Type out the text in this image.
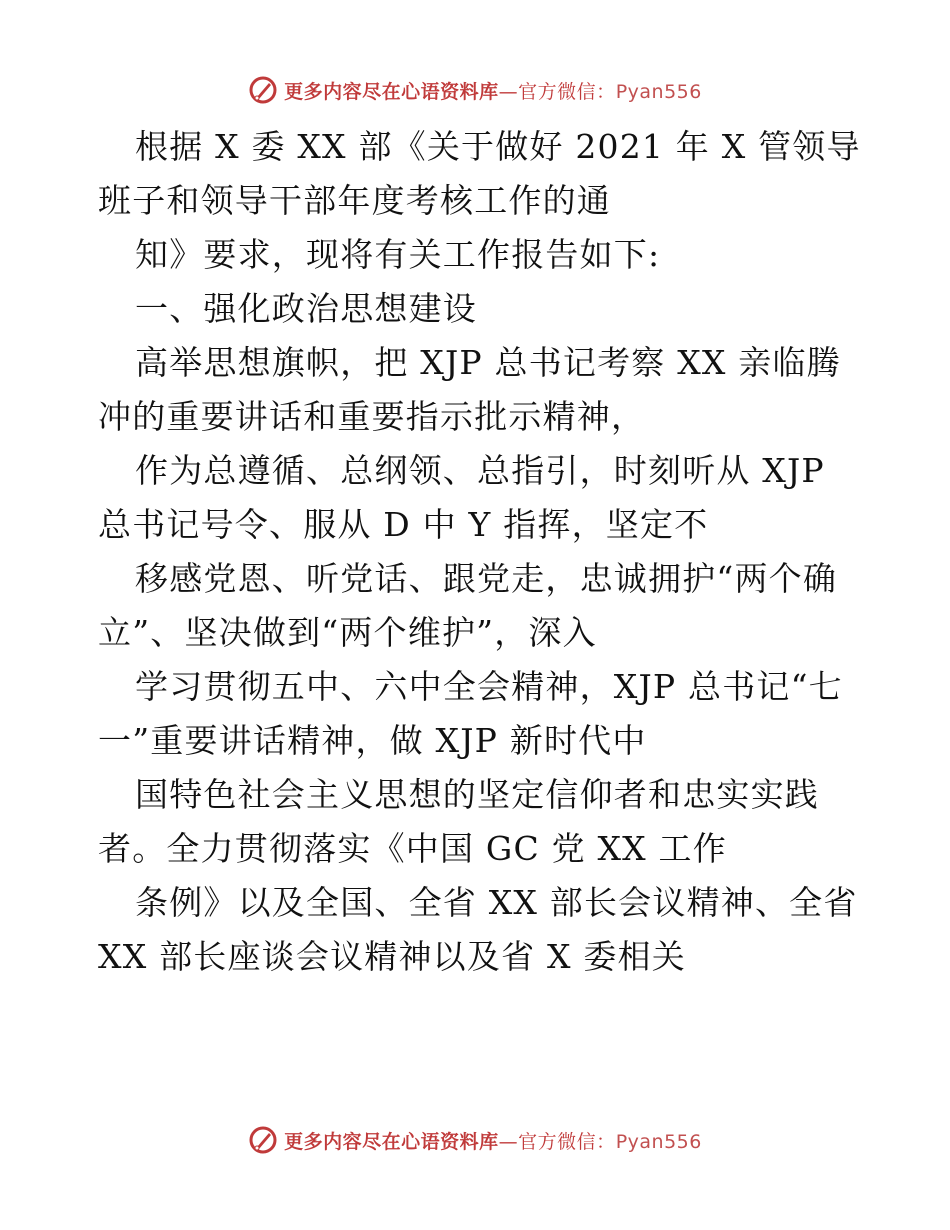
更多内容尽在心语资料库—官方微信：Pyan556
根据 X 委 XX 部《关于做好 2021 年 X 管领导
班子和领导干部年度考核工作的通
知》要求，现将有关工作报告如下:
一、强化政治思想建设
高举思想旗帜，把 XJP 总书记考察 XX 亲临腾
冲的重要讲话和重要指示批示精神，
作为总遵循、总纲领、总指引，时刻听从 XJP
总书记号令、服从 D 中 Y 指挥，坚定不
移感党恩、听党话、跟党走，忠诚拥护“两个确
立”、坚决做到“两个维护”，深入
学习贯彻五中、六中全会精神，XJP 总书记“七
一”重要讲话精神，做 XJP 新时代中
国特色社会主义思想的坚定信仰者和忠实实践
者。全力贯彻落实《中国 GC 党 XX 工作
条例》以及全国、全省 XX 部长会议精神、全省
XX 部长座谈会议精神以及省 X 委相关
更多内容尽在心语资料库—官方微信：Pyan556
